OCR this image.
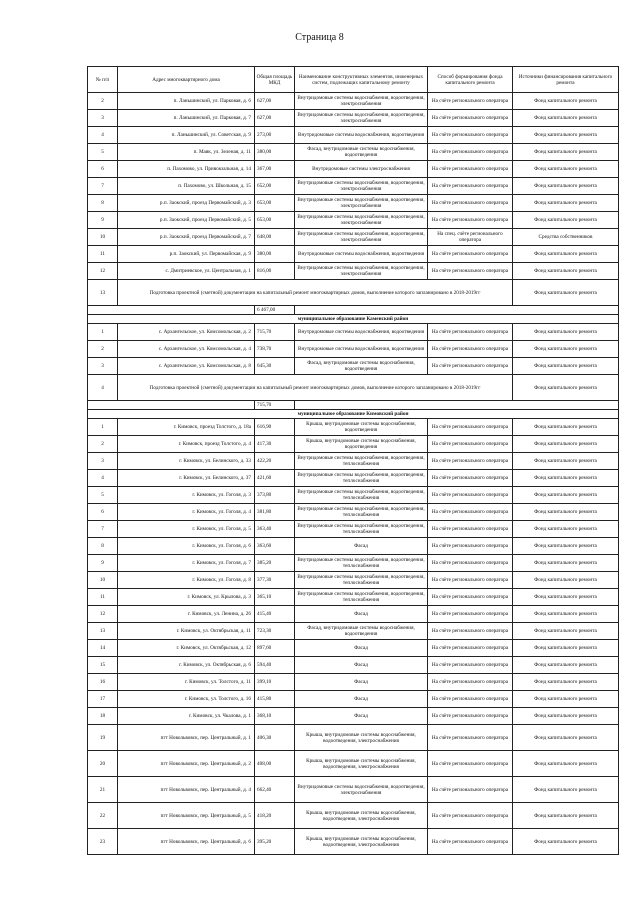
Страница 8
№ п/п	Адрес многоквартирного дома	Общая площадь МКД	Наименование конструктивных элементов, инженерных систем, подлежащих капитальному ремонту	Способ формирования фонда капитального ремонта	Источники финансирования капитального ремонта
2	п. Ланьшинский, ул. Парковая, д. 6	627,00	Внутридомовые системы водоснабжения, водоотведения, электроснабжения	На счёте регионального оператора	Фонд капитального ремонта
3	п. Ланьшинский, ул. Парковая, д. 7	627,00	Внутридомовые системы водоснабжения, водоотведения, электроснабжения	На счёте регионального оператора	Фонд капитального ремонта
4	п. Ланьшинский, ул. Советская, д. 9	273,00	Внутридомовые системы водоснабжения, водоотведения	На счёте регионального оператора	Фонд капитального ремонта
5	п. Маяк, ул. Зеленая, д. 11	380,00	Фасад, внутридомовые системы водоснабжения, водоотведения	На счёте регионального оператора	Фонд капитального ремонта
6	п. Пахомово, ул. Привокзальная, д. 14	367,00	Внутридомовые системы электроснабжения	На счёте регионального оператора	Фонд капитального ремонта
7	п. Пахомово, ул. Школьная, д. 15	652,00	Внутридомовые системы водоснабжения, водоотведения, электроснабжения	На счёте регионального оператора	Фонд капитального ремонта
8	р.п. Заокский, проезд Первомайский, д. 3	653,00	Внутридомовые системы водоснабжения, водоотведения, электроснабжения	На счёте регионального оператора	Фонд капитального ремонта
9	р.п. Заокский, проезд Первомайский, д. 5	653,00	Внутридомовые системы водоснабжения, водоотведения, электроснабжения	На счёте регионального оператора	Фонд капитального ремонта
10	р.п. Заокский, проезд Первомайский, д. 7	648,00	Внутридомовые системы водоснабжения, водоотведения, электроснабжения	На спец. счёте регионального оператора	Средства собственников
11	р.п. Заокский, ул. Первомайская, д. 9	380,00	Внутридомовые системы водоснабжения, водоотведения	На счёте регионального оператора	Фонд капитального ремонта
12	с. Дмитриевское, ул. Центральная, д. 1	816,00	Внутридомовые системы водоснабжения, водоотведения, электроснабжения	На счёте регионального оператора	Фонд капитального ремонта
13	Подготовка проектной (сметной) документации на капитальный ремонт многоквартирных домов, выполнение которого запланировано в 2018-2019гг				Фонд капитального ремонта
		6 467,00			
муниципальное образование Каменский район					
1	с. Архангельское, ул. Комсомольская, д. 2	715,70	Внутридомовые системы водоснабжения, водоотведения	На счёте регионального оператора	Фонд капитального ремонта
2	с. Архангельское, ул. Комсомольская, д. 4	738,70	Внутридомовые системы водоснабжения, водоотведения	На счёте регионального оператора	Фонд капитального ремонта
3	с. Архангельское, ул. Комсомольская, д. 8	645,30	Фасад, внутридомовые системы водоснабжения, водоотведения	На счёте регионального оператора	Фонд капитального ремонта
4	Подготовка проектной (сметной) документации на капитальный ремонт многоквартирных домов, выполнение которого запланировано в 2018-2019гг				Фонд капитального ремонта
		715,70			
муниципальное образование Кимовский район					
1	г. Кимовск, проезд Толстого, д. 18а	616,90	Крыша, внутридомовые системы водоснабжения, водоотведения	На счёте регионального оператора	Фонд капитального ремонта
2	г. Кимовск, проезд Толстого, д. 4	417,30	Крыша, внутридомовые системы водоснабжения, водоотведения	На счёте регионального оператора	Фонд капитального ремонта
3	г. Кимовск, ул. Белинского, д. 33	422,20	Внутридомовые системы водоснабжения, водоотведения, теплоснабжения	На счёте регионального оператора	Фонд капитального ремонта
4	г. Кимовск, ул. Белинского, д. 37	421,60	Внутридомовые системы водоснабжения, водоотведения, теплоснабжения	На счёте регионального оператора	Фонд капитального ремонта
5	г. Кимовск, ул. Гоголя, д. 3	373,80	Внутридомовые системы водоснабжения, водоотведения, теплоснабжения	На счёте регионального оператора	Фонд капитального ремонта
6	г. Кимовск, ул. Гоголя, д. 4	381,80	Внутридомовые системы водоснабжения, водоотведения, теплоснабжения	На счёте регионального оператора	Фонд капитального ремонта
7	г. Кимовск, ул. Гоголя, д. 5	363,40	Внутридомовые системы водоснабжения, водоотведения, теплоснабжения	На счёте регионального оператора	Фонд капитального ремонта
8	г. Кимовск, ул. Гоголя, д. 6	363,60	Фасад	На счёте регионального оператора	Фонд капитального ремонта
9	г. Кимовск, ул. Гоголя, д. 7	385,20	Внутридомовые системы водоснабжения, водоотведения, теплоснабжения	На счёте регионального оператора	Фонд капитального ремонта
10	г. Кимовск, ул. Гоголя, д. 8	377,30	Внутридомовые системы водоснабжения, водоотведения, теплоснабжения	На счёте регионального оператора	Фонд капитального ремонта
11	г. Кимовск, ул. Крылова, д. 3	365,10	Внутридомовые системы водоснабжения, водоотведения, теплоснабжения	На счёте регионального оператора	Фонд капитального ремонта
12	г. Кимовск, ул. Ленина, д. 26	415,40	Фасад	На счёте регионального оператора	Фонд капитального ремонта
13	г. Кимовск, ул. Октябрьская, д. 11	723,30	Фасад, внутридомовые системы водоснабжения, водоотведения	На счёте регионального оператора	Фонд капитального ремонта
14	г. Кимовск, ул. Октябрьская, д. 12	897,60	Фасад	На счёте регионального оператора	Фонд капитального ремонта
15	г. Кимовск, ул. Октябрьская, д. 6	594,40	Фасад	На счёте регионального оператора	Фонд капитального ремонта
16	г. Кимовск, ул. Толстого, д. 11	399,10	Фасад	На счёте регионального оператора	Фонд капитального ремонта
17	г. Кимовск, ул. Толстого, д. 16	415,80	Фасад	На счёте регионального оператора	Фонд капитального ремонта
18	г. Кимовск, ул. Чкалова, д. 1	368,10	Фасад	На счёте регионального оператора	Фонд капитального ремонта
19	пгт Новольвовск, пер. Центральный, д. 1	406,30	Крыша, внутридомовые системы водоснабжения, водоотведения, электроснабжения	На счёте регионального оператора	Фонд капитального ремонта
20	пгт Новольвовск, пер. Центральный, д. 2	408,00	Крыша, внутридомовые системы водоснабжения, водоотведения, электроснабжения	На счёте регионального оператора	Фонд капитального ремонта
21	пгт Новольвовск, пер. Центральный, д. 4	662,40	Внутридомовые системы водоснабжения, водоотведения, электроснабжения	На счёте регионального оператора	Фонд капитального ремонта
22	пгт Новольвовск, пер. Центральный, д. 5	418,20	Крыша, внутридомовые системы водоснабжения, водоотведения, электроснабжения	На счёте регионального оператора	Фонд капитального ремонта
23	пгт Новольвовск, пер. Центральный, д. 6	395,20	Крыша, внутридомовые системы водоснабжения, водоотведения, электроснабжения	На счёте регионального оператора	Фонд капитального ремонта
